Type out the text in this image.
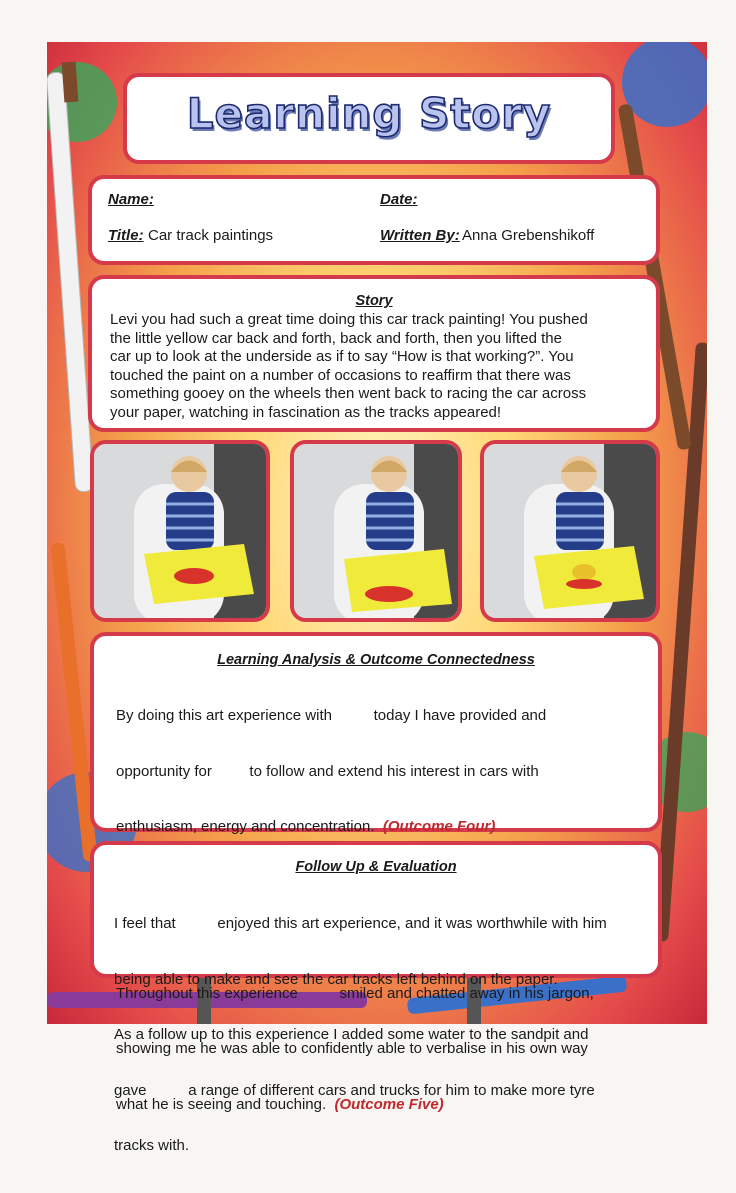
Learning Story
Name:	Date:
Title: Car track paintings	Written By: Anna Grebenshikoff
Story
Levi you had such a great time doing this car track painting! You pushed
the little yellow car back and forth, back and forth, then you lifted the
car up to look at the underside as if to say “How is that working?”. You
touched the paint on a number of occasions to reaffirm that there was
something gooey on the wheels then went back to racing the car across
your paper, watching in fascination as the tracks appeared!
Learning Analysis & Outcome Connectedness

By doing this art experience with          today I have provided and

opportunity for         to follow and extend his interest in cars with

enthusiasm, energy and concentration.  (Outcome Four)

Throughout this experience          smiled and chatted away in his jargon,

showing me he was able to confidently able to verbalise in his own way

what he is seeing and touching.  (Outcome Five)

Follow Up & Evaluation

I feel that          enjoyed this art experience, and it was worthwhile with him

being able to make and see the car tracks left behind on the paper.

As a follow up to this experience I added some water to the sandpit and

gave          a range of different cars and trucks for him to make more tyre

tracks with.
